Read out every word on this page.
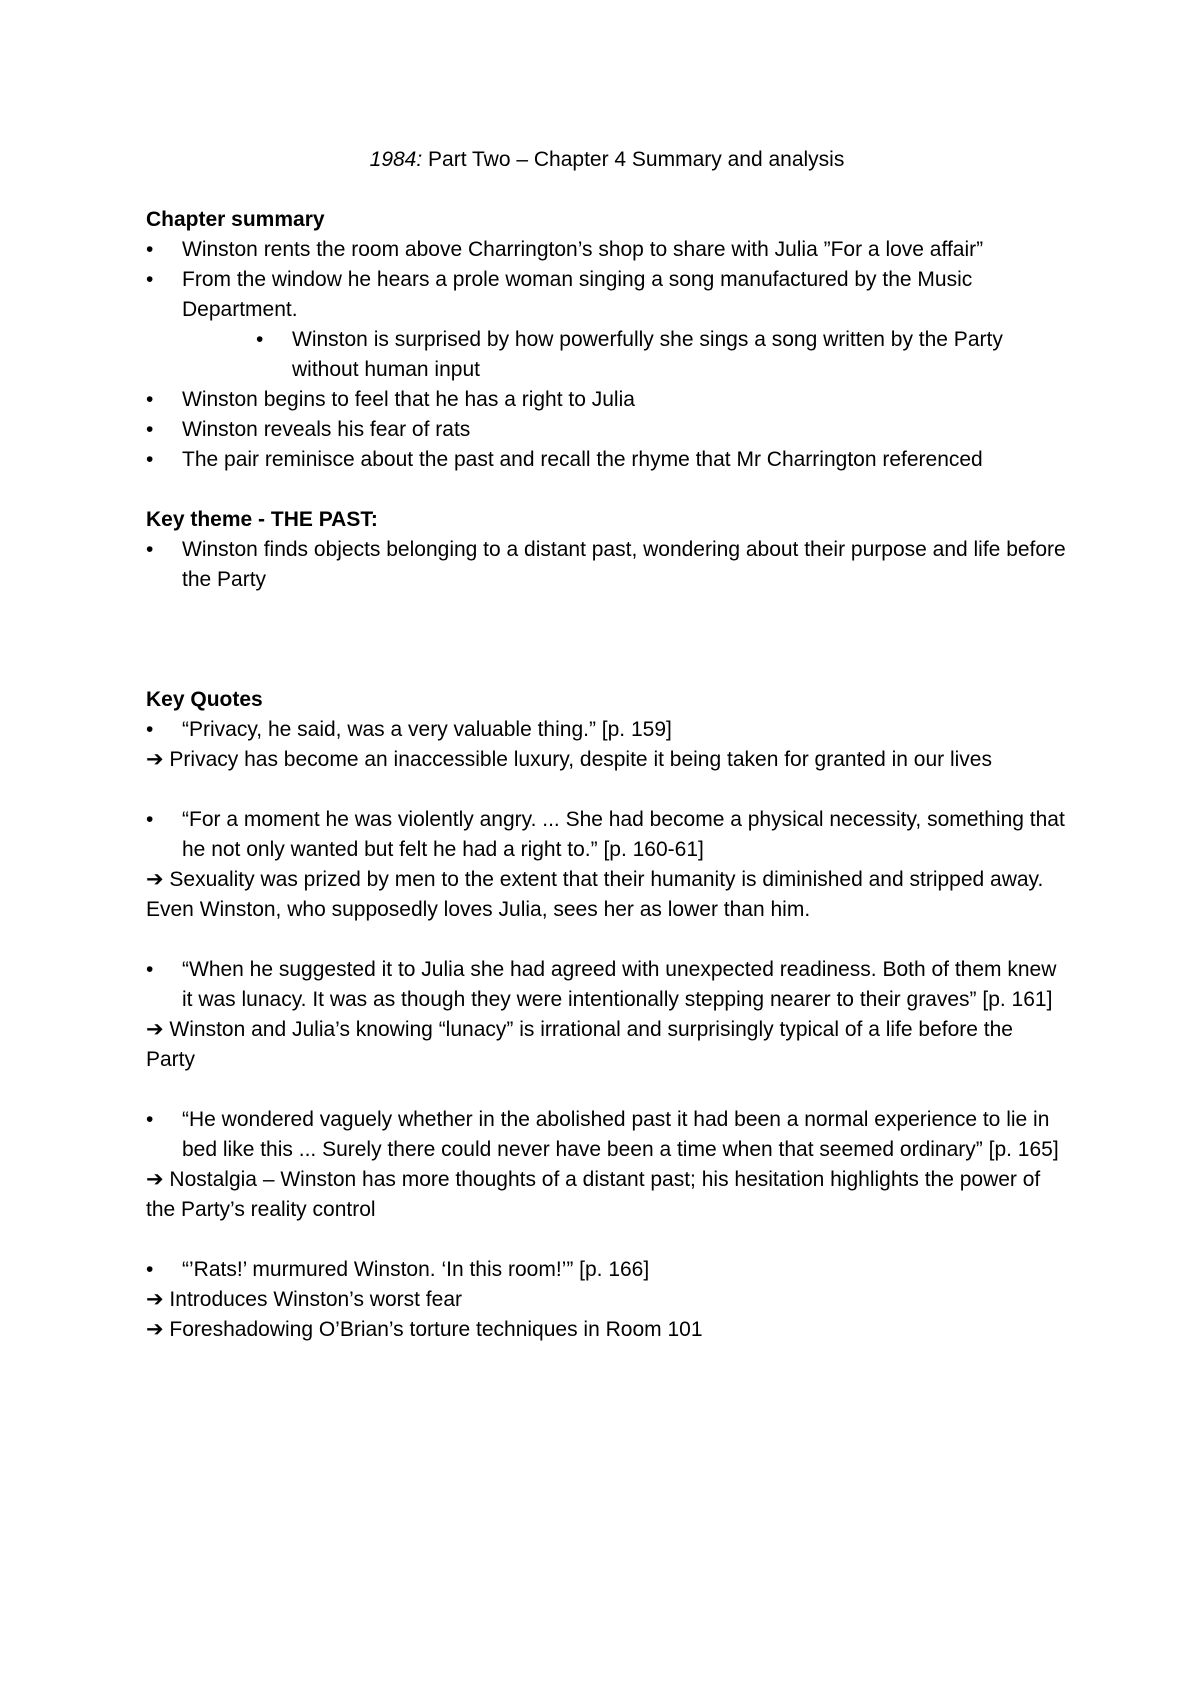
1984: Part Two – Chapter 4 Summary and analysis

Chapter summary

• Winston rents the room above Charrington’s shop to share with Julia ”For a love affair”
• From the window he hears a prole woman singing a song manufactured by the Music Department.
• Winston is surprised by how powerfully she sings a song written by the Party without human input
• Winston begins to feel that he has a right to Julia
• Winston reveals his fear of rats
• The pair reminisce about the past and recall the rhyme that Mr Charrington referenced

Key theme - THE PAST:

• Winston finds objects belonging to a distant past, wondering about their purpose and life before the Party

Key Quotes

• “Privacy, he said, was a very valuable thing.” [p. 159]

➔ Privacy has become an inaccessible luxury, despite it being taken for granted in our lives

• “For a moment he was violently angry. ... She had become a physical necessity, something that he not only wanted but felt he had a right to.” [p. 160-61]

➔ Sexuality was prized by men to the extent that their humanity is diminished and stripped away. Even Winston, who supposedly loves Julia, sees her as lower than him.

• “When he suggested it to Julia she had agreed with unexpected readiness. Both of them knew it was lunacy. It was as though they were intentionally stepping nearer to their graves” [p. 161]

➔ Winston and Julia’s knowing “lunacy” is irrational and surprisingly typical of a life before the Party

• “He wondered vaguely whether in the abolished past it had been a normal experience to lie in bed like this ... Surely there could never have been a time when that seemed ordinary” [p. 165]

➔ Nostalgia – Winston has more thoughts of a distant past; his hesitation highlights the power of the Party’s reality control

• “’Rats!’ murmured Winston. ‘In this room!’” [p. 166]

➔ Introduces Winston’s worst fear

➔ Foreshadowing O’Brian’s torture techniques in Room 101
